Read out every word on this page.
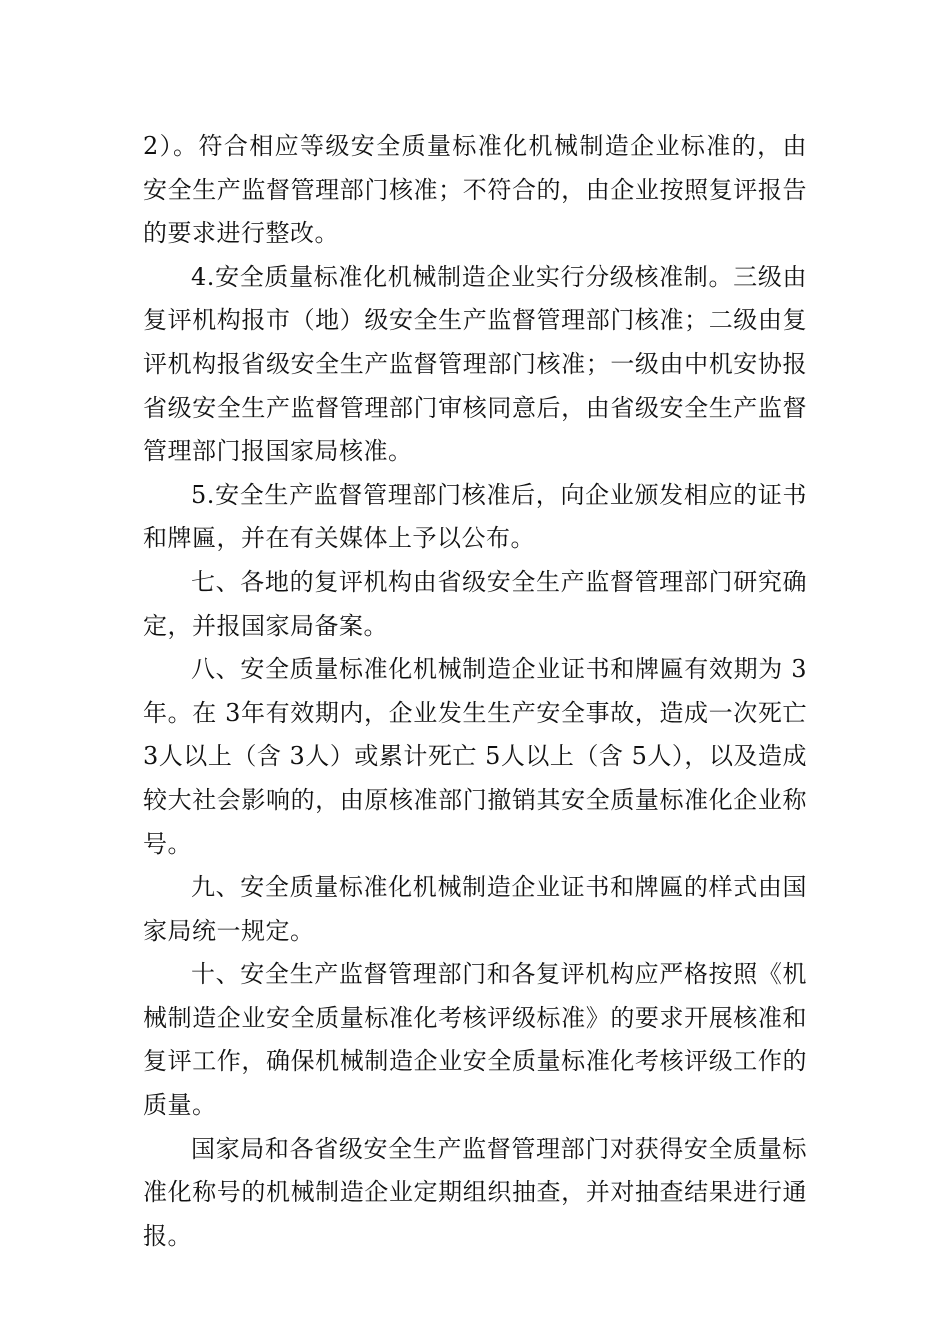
2）。符合相应等级安全质量标准化机械制造企业标准的，由安全生产监督管理部门核准；不符合的，由企业按照复评报告的要求进行整改。

4.安全质量标准化机械制造企业实行分级核准制。三级由复评机构报市（地）级安全生产监督管理部门核准；二级由复评机构报省级安全生产监督管理部门核准；一级由中机安协报省级安全生产监督管理部门审核同意后，由省级安全生产监督管理部门报国家局核准。

5.安全生产监督管理部门核准后，向企业颁发相应的证书和牌匾，并在有关媒体上予以公布。

七、各地的复评机构由省级安全生产监督管理部门研究确定，并报国家局备案。

八、安全质量标准化机械制造企业证书和牌匾有效期为 3年。在 3年有效期内，企业发生生产安全事故，造成一次死亡 3人以上（含 3人）或累计死亡 5人以上（含 5人），以及造成较大社会影响的，由原核准部门撤销其安全质量标准化企业称号。

九、安全质量标准化机械制造企业证书和牌匾的样式由国家局统一规定。

十、安全生产监督管理部门和各复评机构应严格按照《机械制造企业安全质量标准化考核评级标准》的要求开展核准和复评工作，确保机械制造企业安全质量标准化考核评级工作的质量。

国家局和各省级安全生产监督管理部门对获得安全质量标准化称号的机械制造企业定期组织抽查，并对抽查结果进行通报。
